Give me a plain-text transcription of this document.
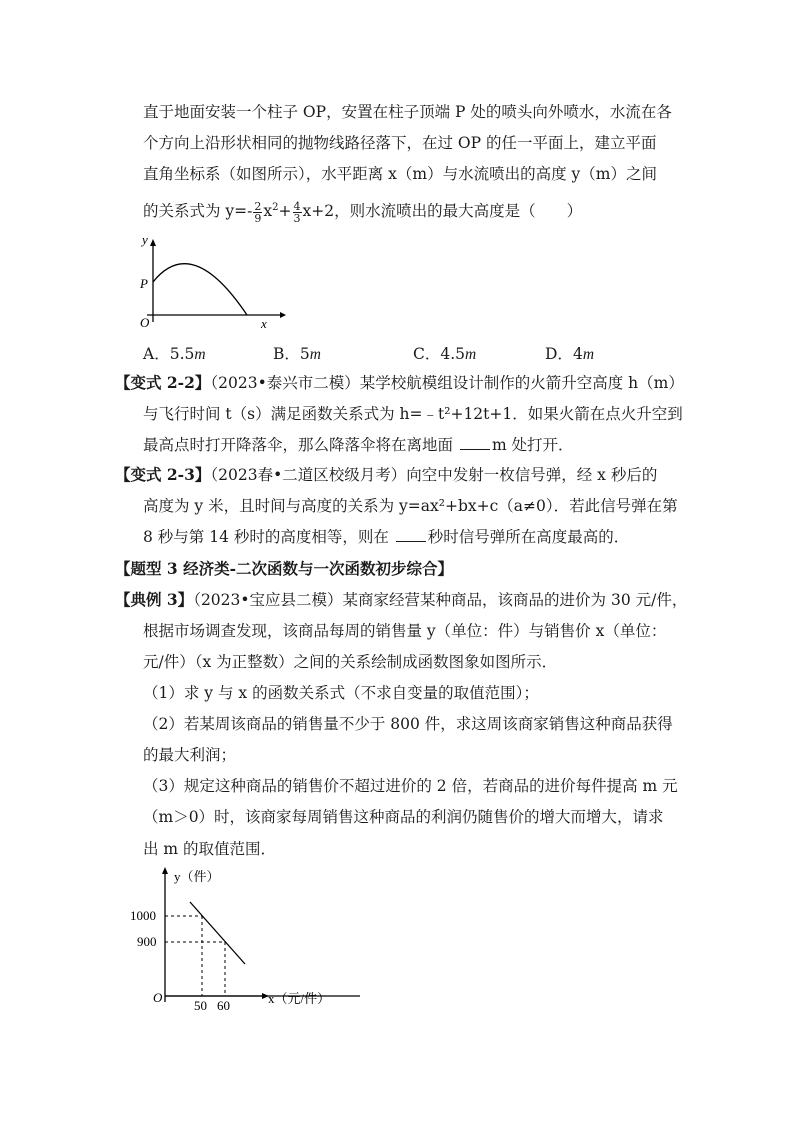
直于地面安装一个柱子 OP，安置在柱子顶端 P 处的喷头向外喷水，水流在各
个方向上沿形状相同的抛物线路径落下，在过 OP 的任一平面上，建立平面
直角坐标系（如图所示），水平距离 x（m）与水流喷出的高度 y（m）之间
的关系式为 $y=- \frac{2}{9} x^2+ \frac{4}{3} x+2$，则水流喷出的最大高度是（　　）
y
P
O	x
A．5.5m	B．5m	C．4.5m	D．4m
【变式 2-2】（2023•泰兴市二模）某学校航模组设计制作的火箭升空高度 h（m）
与飞行时间 t（s）满足函数关系式为 h=﹣t²+12t+1．如果火箭在点火升空到
最高点时打开降落伞，那么降落伞将在离地面 m 处打开．
【变式 2-3】（2023春•二道区校级月考）向空中发射一枚信号弹，经 x 秒后的
高度为 y 米，且时间与高度的关系为 y=ax²+bx+c（a≠0）．若此信号弹在第
8 秒与第 14 秒时的高度相等，则在 秒时信号弹所在高度最高的．
【题型 3 经济类-二次函数与一次函数初步综合】
【典例 3】（2023•宝应县二模）某商家经营某种商品，该商品的进价为 30 元/件，
根据市场调查发现，该商品每周的销售量 y（单位：件）与销售价 x（单位：
元/件）（x 为正整数）之间的关系绘制成函数图象如图所示．
（1）求 y 与 x 的函数关系式（不求自变量的取值范围）；
（2）若某周该商品的销售量不少于 800 件，求这周该商家销售这种商品获得
的最大利润；
（3）规定这种商品的销售价不超过进价的 2 倍，若商品的进价每件提高 m 元
（m＞0）时，该商家每周销售这种商品的利润仍随售价的增大而增大，请求
出 m 的取值范围．
y（件）
1000
900
O
50 60	x（元/件）
